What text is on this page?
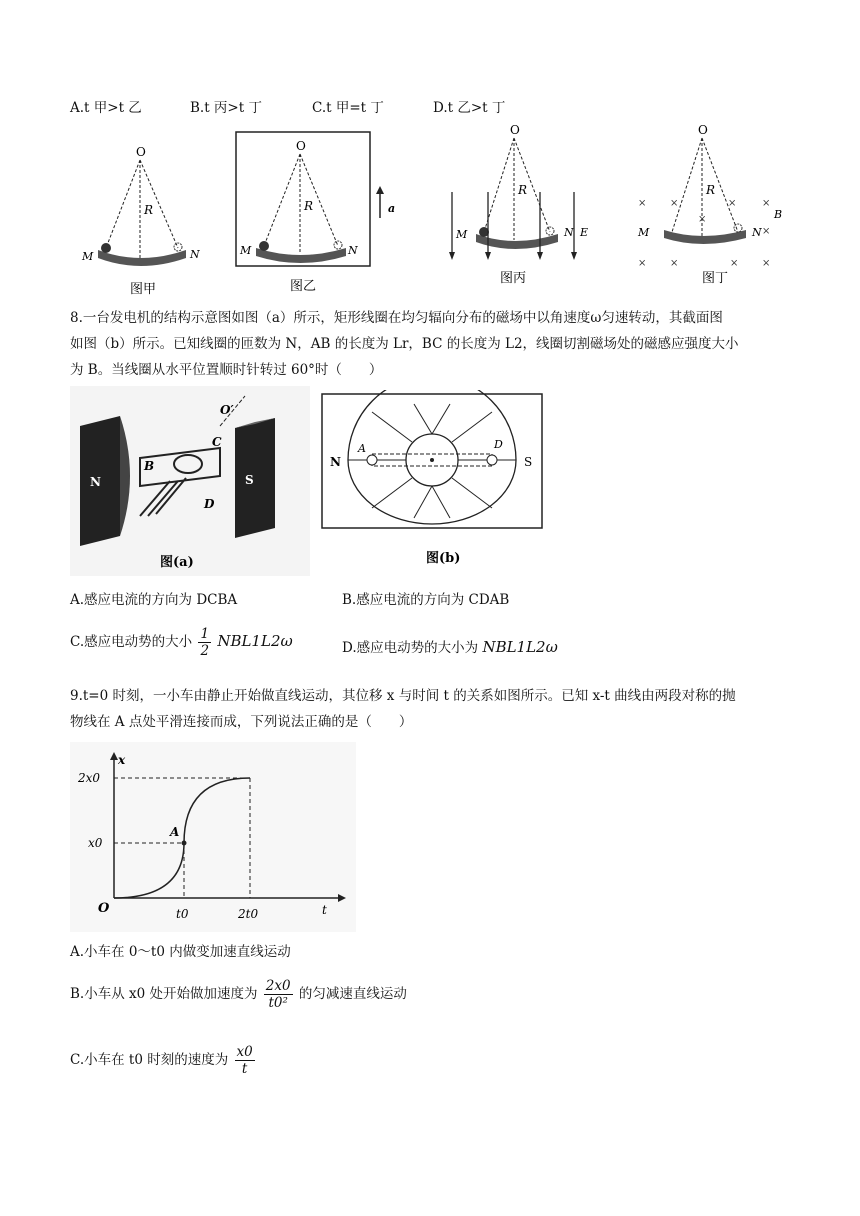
A.t 甲>t 乙	B.t 丙>t 丁	C.t 甲=t 丁	D.t 乙>t 丁
O
R
M	N
图甲
O
R
M	N
a
图乙
O
R
M	N E
图丙
O
R
× ×	×	×
×
×
× ×	× ×
M	N
B
图丁
8.一台发电机的结构示意图如图（a）所示，矩形线圈在均匀辐向分布的磁场中以角速度ω匀速转动，其截面图
如图（b）所示。已知线圈的匝数为 N，AB 的长度为 Lr，BC 的长度为 L2，线圈切割磁场处的磁感应强度大小
为 B。当线圈从水平位置顺时针转过 60°时（　　）
N	S
B
C
D
O′
图(a)
N	S
A	D
图(b)
A.感应电流的方向为 DCBA	B.感应电流的方向为 CDAB
C.感应电动势的大小 $\frac{1}{2} NBL1L2\omega$	D.感应电动势的大小为 NBL1L2ω
9.t=0 时刻，一小车由静止开始做直线运动，其位移 x 与时间 t 的关系如图所示。已知 x-t 曲线由两段对称的抛
物线在 A 点处平滑连接而成，下列说法正确的是（　　）
x
t
O
A
2x0
x0
t0	2t0
A.小车在 0～t0 内做变加速直线运动
B.小车从 x0 处开始做加速度为 $\frac{2x0}{\text{t0²}}$ 的匀减速直线运动
C.小车在 t0 时刻的速度为 $\frac{x0}{t}$
